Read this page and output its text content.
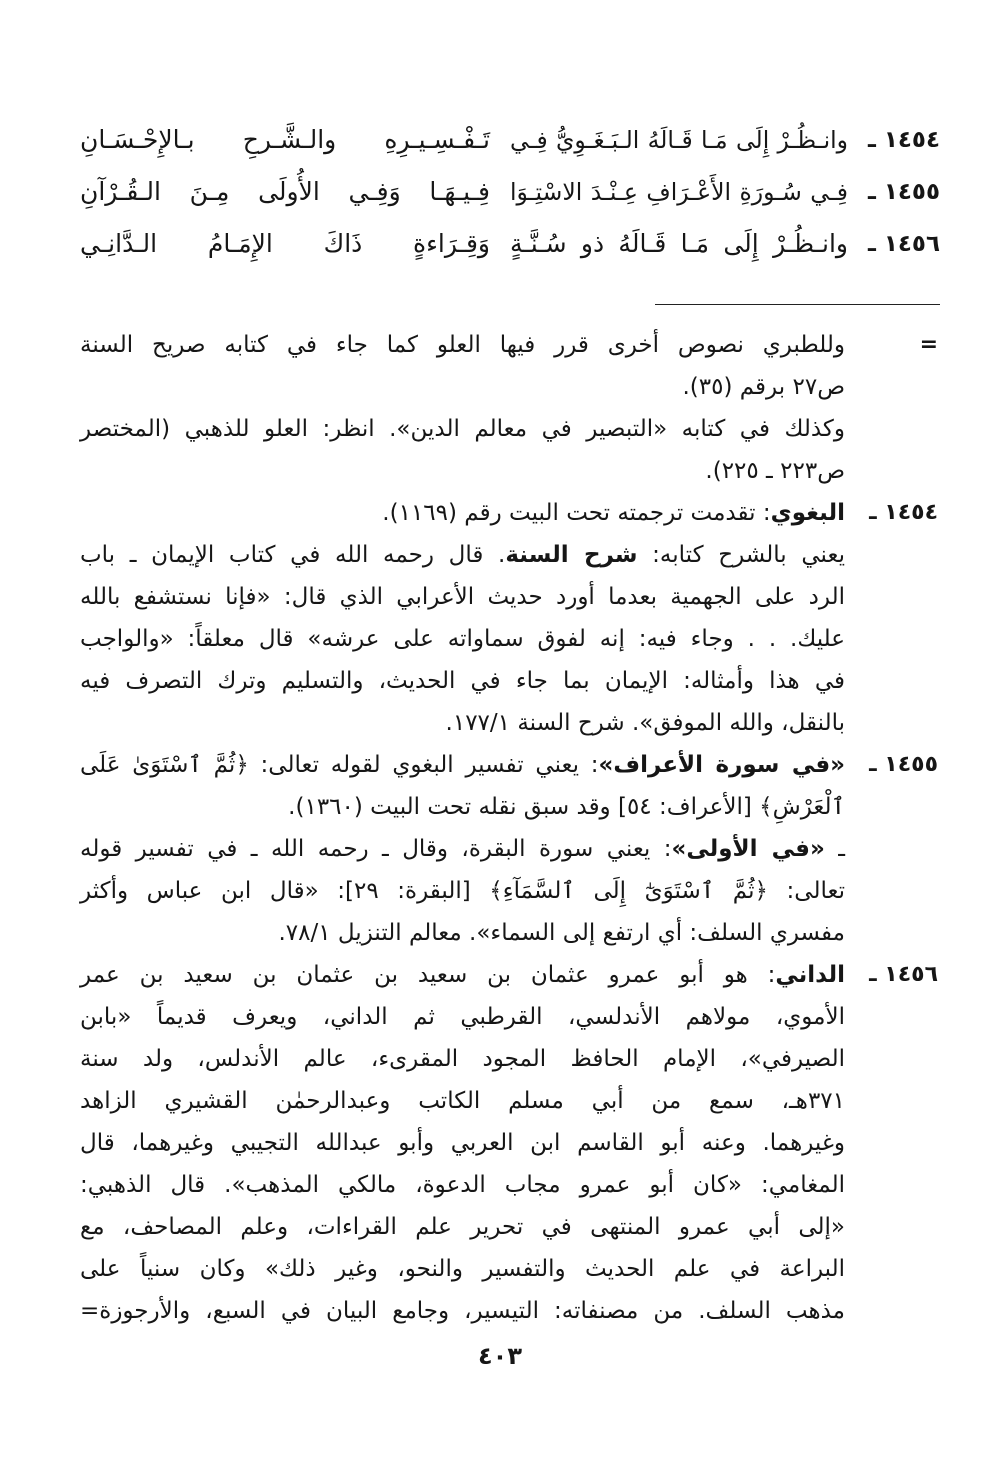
١٤٥٤ ـ
وانـظُـرْ إِلَى مَـا قَـالَهُ الـبَـغَـوِيُّ فِـي
تَـفْـسِـيـرِهِ والـشَّـرحِ بـالإِحْـسَـانِ
١٤٥٥ ـ
فِـي سُـورَةِ الأَعْـرَافِ عِـنْـدَ الاسْتِـوَا
فِـيـهَـا وَفِـي الأُولَى مِـنَ الـقُـرْآنِ
١٤٥٦ ـ
وانـظُـرْ إِلَى مَـا قَـالَهُ ذو سُـنَّـةٍ
وَقِـرَاءةٍ ذَاكَ الإِمَـامُ الـدَّانِـي
=
وللطبري نصوص أخرى قرر فيها العلو كما جاء في كتابه صريح السنة
ص٢٧ برقم (٣٥).
وكذلك في كتابه «التبصير في معالم الدين». انظر: العلو للذهبي (المختصر
ص٢٢٣ ـ ٢٢٥).
١٤٥٤ ـ
البغوي: تقدمت ترجمته تحت البيت رقم (١١٦٩).
يعني بالشرح كتابه: شرح السنة. قال رحمه الله في كتاب الإيمان ـ باب
الرد على الجهمية بعدما أورد حديث الأعرابي الذي قال: «فإنا نستشفع بالله
عليك. . . وجاء فيه: إنه لفوق سماواته على عرشه» قال معلقاً: «والواجب
في هذا وأمثاله: الإيمان بما جاء في الحديث، والتسليم وترك التصرف فيه
بالنقل، والله الموفق». شرح السنة ١٧٧/١.
١٤٥٥ ـ
«في سورة الأعراف»: يعني تفسير البغوي لقوله تعالى: ﴿ثُمَّ ٱسْتَوَىٰ عَلَى
ٱلْعَرْشِ﴾ [الأعراف: ٥٤] وقد سبق نقله تحت البيت (١٣٦٠).
ـ «في الأولى»: يعني سورة البقرة، وقال ـ رحمه الله ـ في تفسير قوله
تعالى: ﴿ثُمَّ ٱسْتَوَىٰٓ إِلَى ٱلسَّمَآءِ﴾ [البقرة: ٢٩]: «قال ابن عباس وأكثر
مفسري السلف: أي ارتفع إلى السماء». معالم التنزيل ٧٨/١.
١٤٥٦ ـ
الداني: هو أبو عمرو عثمان بن سعيد بن عثمان بن سعيد بن عمر
الأموي، مولاهم الأندلسي، القرطبي ثم الداني، ويعرف قديماً «بابن
الصيرفي»، الإمام الحافظ المجود المقرىء، عالم الأندلس، ولد سنة
٣٧١هـ، سمع من أبي مسلم الكاتب وعبدالرحمٰن القشيري الزاهد
وغيرهما. وعنه أبو القاسم ابن العربي وأبو عبدالله التجيبي وغيرهما، قال
المغامي: «كان أبو عمرو مجاب الدعوة، مالكي المذهب». قال الذهبي:
«إلى أبي عمرو المنتهى في تحرير علم القراءات، وعلم المصاحف، مع
البراعة في علم الحديث والتفسير والنحو، وغير ذلك» وكان سنياً على
مذهب السلف. من مصنفاته: التيسير، وجامع البيان في السبع، والأرجوزة=
٤٠٣
